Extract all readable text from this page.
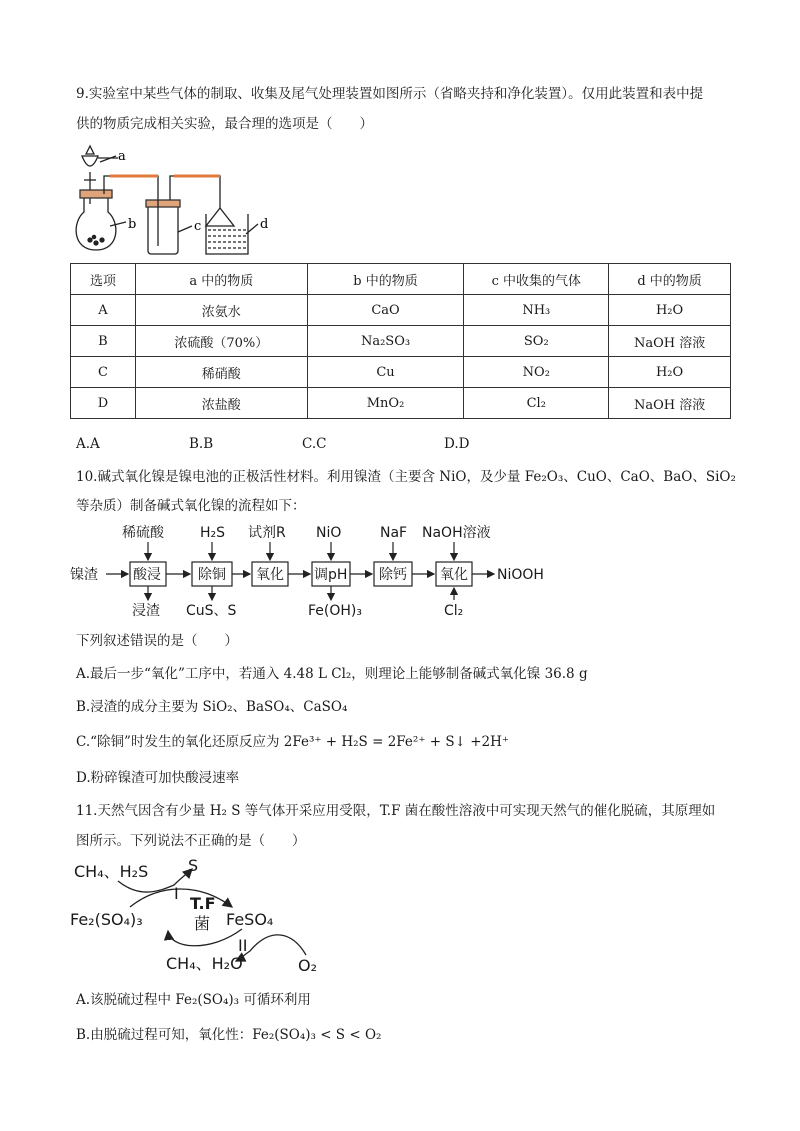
9.实验室中某些气体的制取、收集及尾气处理装置如图所示（省略夹持和净化装置）。仅用此装置和表中提
供的物质完成相关实验，最合理的选项是（　　）
a
b	c	d
选项	a 中的物质	b 中的物质	c 中收集的气体	d 中的物质
A	浓氨水	CaO	NH₃	H₂O
B	浓硫酸（70%）	Na₂SO₃	SO₂	NaOH 溶液
C	稀硝酸	Cu	NO₂	H₂O
D	浓盐酸	MnO₂	Cl₂	NaOH 溶液
A.A	B.B	C.C	D.D
10.碱式氧化镍是镍电池的正极活性材料。利用镍渣（主要含 NiO，及少量 Fe₂O₃、CuO、CaO、BaO、SiO₂
等杂质）制备碱式氧化镍的流程如下：
镍渣	NiOOH
酸浸	除铜 氧化 调pH 除钙 氧化
稀硫酸	H₂S 试剂R NiO	NaF NaOH溶液
浸渣 CuS、S	Fe(OH)₃	Cl₂
下列叙述错误的是（　　）
A.最后一步“氧化”工序中，若通入 4.48 L Cl₂，则理论上能够制备碱式氧化镍 36.8 g
B.浸渣的成分主要为 SiO₂、BaSO₄、CaSO₄
C.“除铜”时发生的氧化还原反应为 2Fe³⁺ + H₂S = 2Fe²⁺ + S↓ +2H⁺
D.粉碎镍渣可加快酸浸速率
11.天然气因含有少量 H₂ S 等气体开采应用受限，T.F 菌在酸性溶液中可实现天然气的催化脱硫，其原理如
图所示。下列说法不正确的是（　　）
CH₄、H₂S S
I
T.F
菌
Fe₂(SO₄)₃	FeSO₄
II
CH₄、H₂O	O₂
A.该脱硫过程中 Fe₂(SO₄)₃ 可循环利用
B.由脱硫过程可知，氧化性：Fe₂(SO₄)₃ < S < O₂
